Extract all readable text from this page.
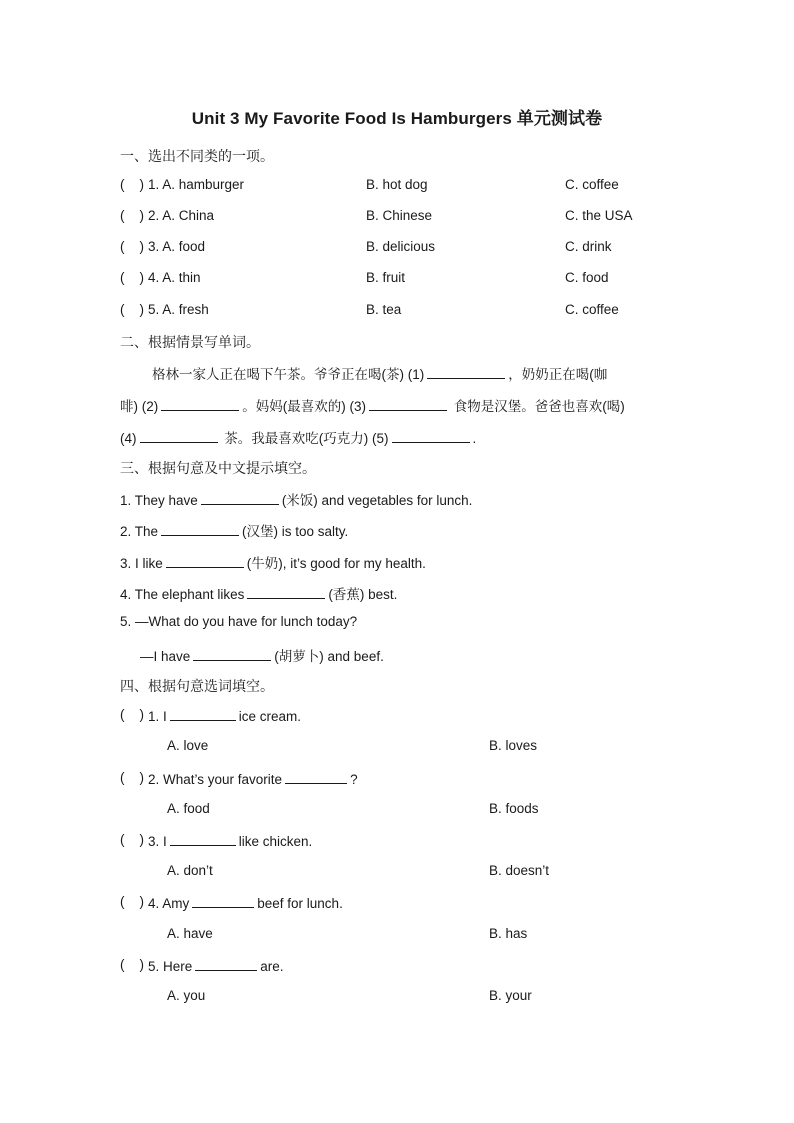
Unit 3 My Favorite Food Is Hamburgers 单元测试卷
一、选出不同类的一项。
(    ) 1. A. hamburger	B. hot dog	C. coffee
(    ) 2. A. China	B. Chinese	C. the USA
(    ) 3. A. food	B. delicious	C. drink
(    ) 4. A. thin	B. fruit	C. food
(    ) 5. A. fresh	B. tea	C. coffee
二、根据情景写单词。
格林一家人正在喝下午茶。爷爷正在喝(茶) (1)	，奶奶正在喝(咖
啡) (2)	。妈妈(最喜欢的) (3)	食物是汉堡。爸爸也喜欢(喝)
(4)	茶。我最喜欢吃(巧克力) (5)	.
三、根据句意及中文提示填空。
1. They have	(米饭) and vegetables for lunch.
2. The	(汉堡) is too salty.
3. I like	(牛奶), it’s good for my health.
4. The elephant likes	(香蕉) best.
5. —What do you have for lunch today?
—I have	(胡萝卜) and beef.
四、根据句意选词填空。
(    ) 1. I	ice cream.
A. love	B. loves
(    ) 2. What’s your favorite	?
A. food	B. foods
(    ) 3. I	like chicken.
A. don’t	B. doesn’t
(    ) 4. Amy	beef for lunch.
A. have	B. has
(    ) 5. Here	are.
A. you	B. your
